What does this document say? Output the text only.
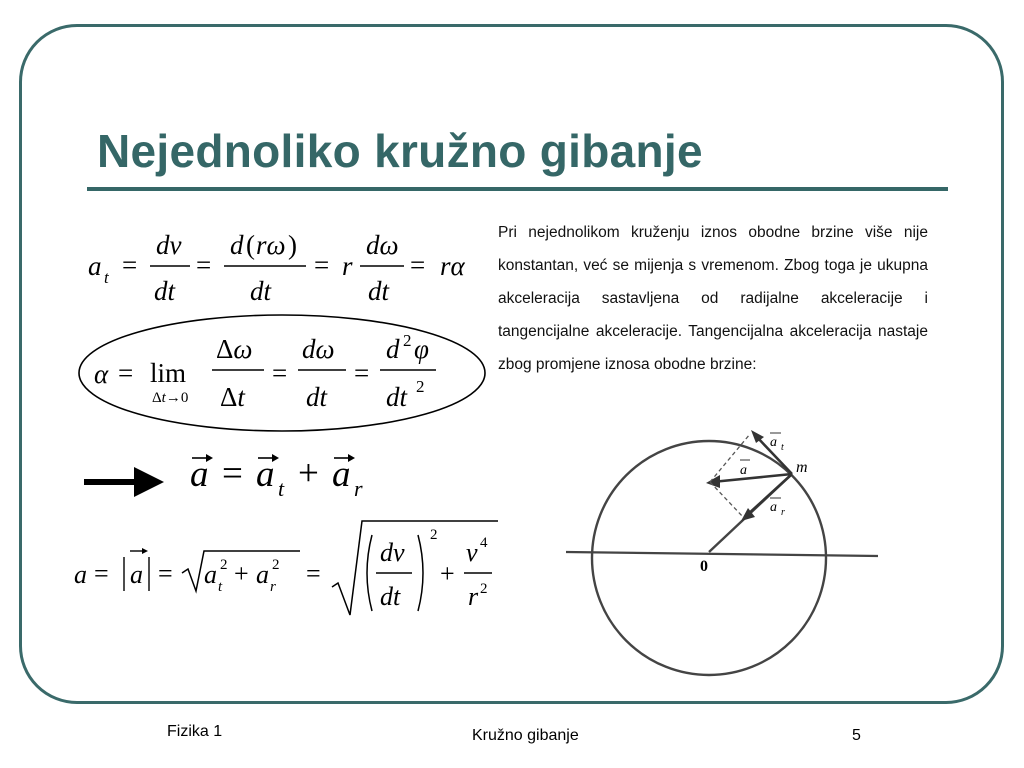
Nejednoliko kružno gibanje
Pri nejednolikom kruženju iznos obodne brzine više nije konstantan, već se mijenja s vremenom. Zbog toga je ukupna akceleracija sastavljena od radijalne akceleracije i tangencijalne akceleracije. Tangencijalna akceleracija nastaje zbog promjene iznosa obodne brzine:
a t =
dv
dt
=
d ( rω )
dt
= r
dω
dt
= rα
α = lim
Δt→0
Δω
Δt
=
dω
dt
=
d 2 φ
dt 2
a = a t + a r
a = a = a t
2 + a r
2 =
dv
dt
2
+
v 4
r 2
0
m
a
a t
a r
Fizika 1	Kružno gibanje	5
